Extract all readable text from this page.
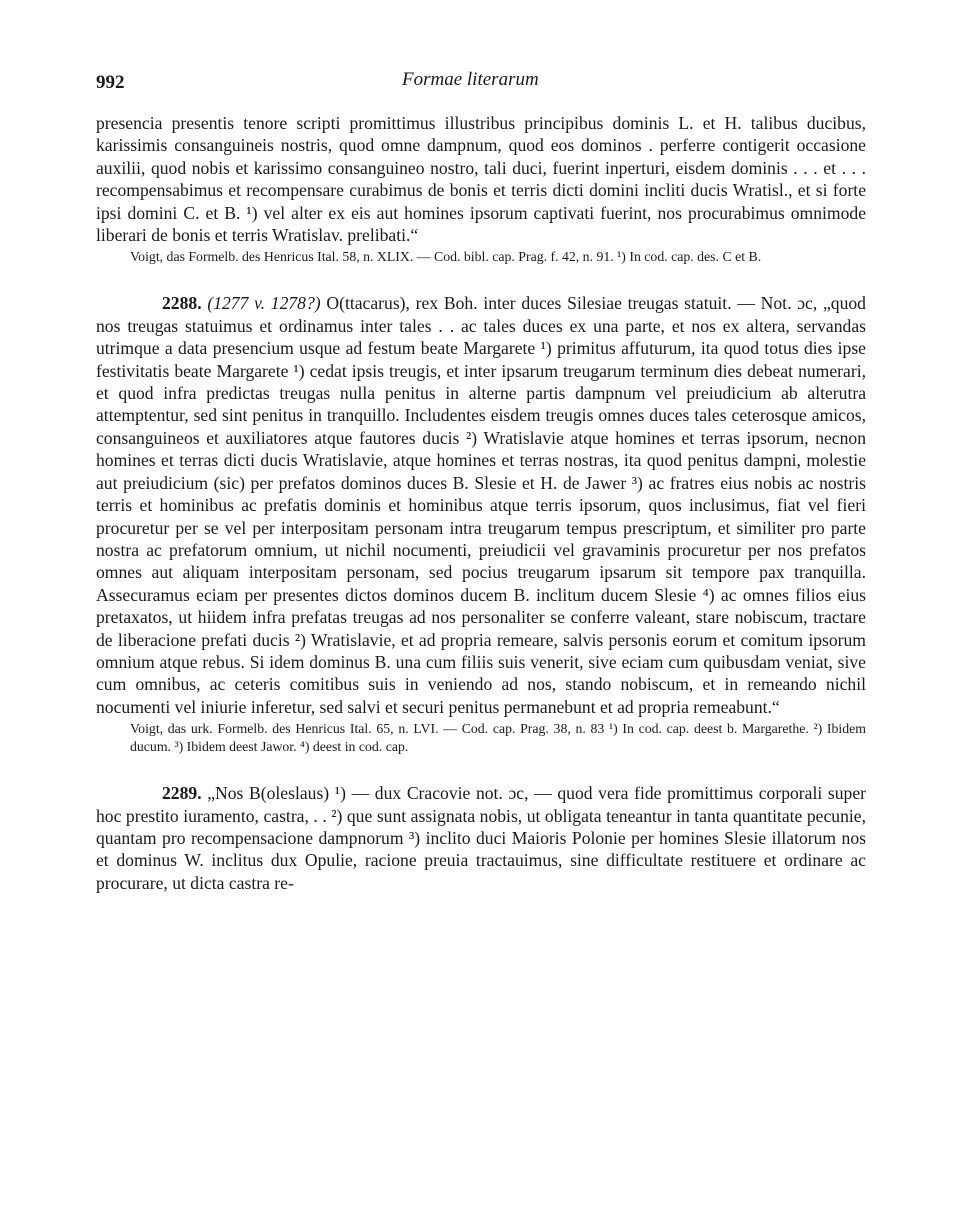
992	Formae literarum

presencia presentis tenore scripti promittimus illustribus principibus dominis L. et H. talibus ducibus, karissimis consanguineis nostris, quod omne dampnum, quod eos dominos . perferre contigerit occasione auxilii, quod nobis et karissimo consanguineo nostro, tali duci, fuerint inperturi, eisdem dominis . . . et . . . recompensabimus et recompensare curabimus de bonis et terris dicti domini incliti ducis Wratisl., et si forte ipsi domini C. et B. ¹) vel alter ex eis aut homines ipsorum captivati fuerint, nos procurabimus omnimode liberari de bonis et terris Wratislav. prelibati.“

Voigt, das Formelb. des Henricus Ital. 58, n. XLIX. — Cod. bibl. cap. Prag. f. 42, n. 91. ¹) In cod. cap. des. C et B.

2288. (1277 v. 1278?) O(ttacarus), rex Boh. inter duces Silesiae treugas statuit. — Not. ɔc, „quod nos treugas statuimus et ordinamus inter tales . . ac tales duces ex una parte, et nos ex altera, servandas utrimque a data presencium usque ad festum beate Margarete ¹) primitus affuturum, ita quod totus dies ipse festivitatis beate Margarete ¹) cedat ipsis treugis, et inter ipsarum treugarum terminum dies debeat numerari, et quod infra predictas treugas nulla penitus in alterne partis dampnum vel preiudicium ab alterutra attemptentur, sed sint penitus in tranquillo. Includentes eisdem treugis omnes duces tales ceterosque amicos, consanguineos et auxiliatores atque fautores ducis ²) Wratislavie atque homines et terras ipsorum, necnon homines et terras dicti ducis Wratislavie, atque homines et terras nostras, ita quod penitus dampni, molestie aut preiudicium (sic) per prefatos dominos duces B. Slesie et H. de Jawer ³) ac fratres eius nobis ac nostris terris et hominibus ac prefatis dominis et hominibus atque terris ipsorum, quos inclusimus, fiat vel fieri procuretur per se vel per interpositam personam intra treugarum tempus prescriptum, et similiter pro parte nostra ac prefatorum omnium, ut nichil nocumenti, preiudicii vel gravaminis procuretur per nos prefatos omnes aut aliquam interpositam personam, sed pocius treugarum ipsarum sit tempore pax tranquilla. Assecuramus eciam per presentes dictos dominos ducem B. inclitum ducem Slesie ⁴) ac omnes filios eius pretaxatos, ut hiidem infra prefatas treugas ad nos personaliter se conferre valeant, stare nobiscum, tractare de liberacione prefati ducis ²) Wratislavie, et ad propria remeare, salvis personis eorum et comitum ipsorum omnium atque rebus. Si idem dominus B. una cum filiis suis venerit, sive eciam cum quibusdam veniat, sive cum omnibus, ac ceteris comitibus suis in veniendo ad nos, stando nobiscum, et in remeando nichil nocumenti vel iniurie inferetur, sed salvi et securi penitus permanebunt et ad propria remeabunt.“

Voigt, das urk. Formelb. des Henricus Ital. 65, n. LVI. — Cod. cap. Prag. 38, n. 83 ¹) In cod. cap. deest b. Margarethe. ²) Ibidem ducum. ³) Ibidem deest Jawor. ⁴) deest in cod. cap.

2289. „Nos B(oleslaus) ¹) — dux Cracovie not. ɔc, — quod vera fide promittimus corporali super hoc prestito iuramento, castra, . . ²) que sunt assignata nobis, ut obligata teneantur in tanta quantitate pecunie, quantam pro recompensacione dampnorum ³) inclito duci Maioris Polonie per homines Slesie illatorum nos et dominus W. inclitus dux Opulie, racione preuia tractauimus, sine difficultate restituere et ordinare ac procurare, ut dicta castra re-
